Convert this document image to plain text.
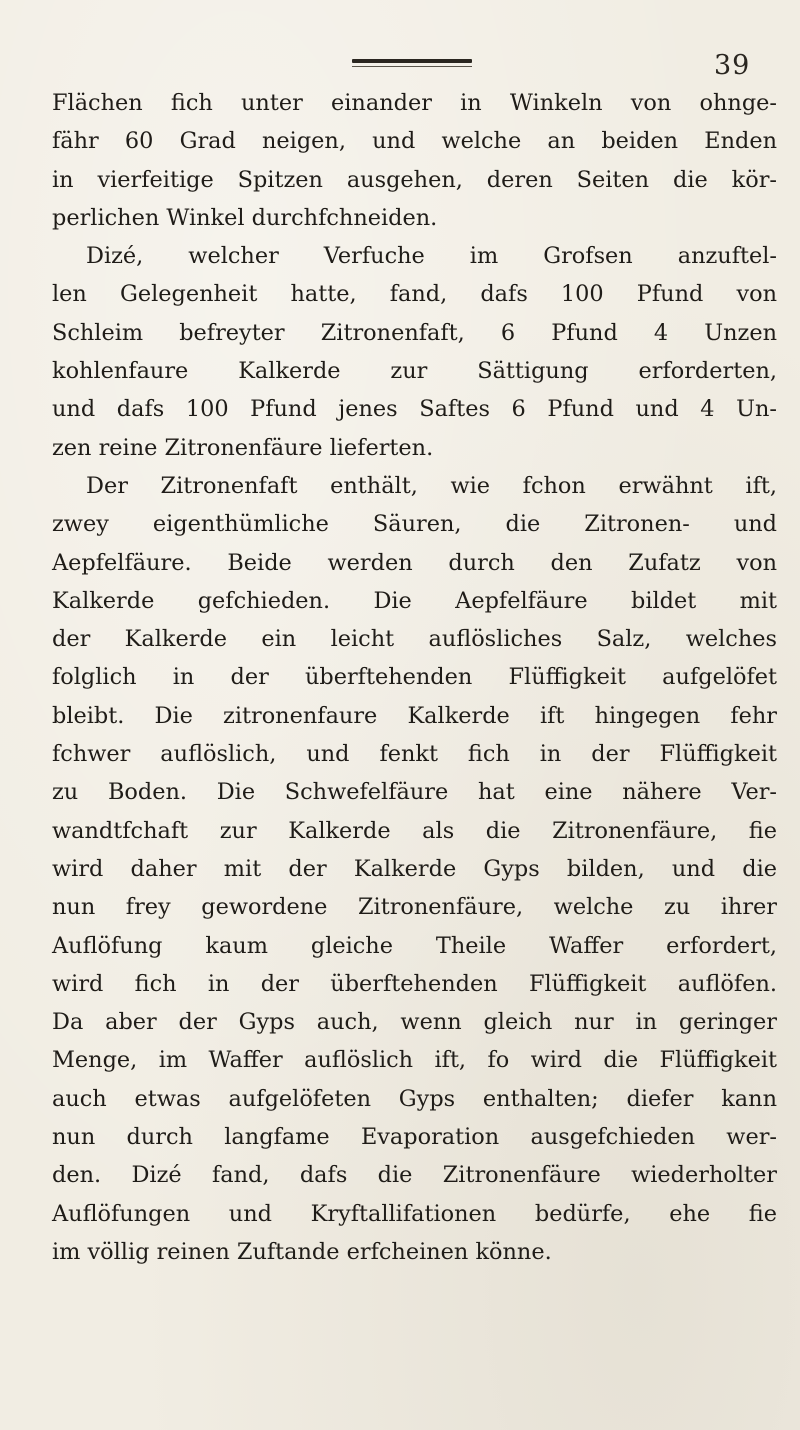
39
Flächen fich unter einander in Winkeln von ohnge-
fähr 60 Grad neigen, und welche an beiden Enden
in vierfeitige Spitzen ausgehen, deren Seiten die kör-
perlichen Winkel durchfchneiden.
Dizé, welcher Verfuche im Grofsen anzuftel-
len Gelegenheit hatte, fand, dafs 100 Pfund von
Schleim befreyter Zitronenfaft, 6 Pfund 4 Unzen
kohlenfaure Kalkerde zur Sättigung erforderten,
und dafs 100 Pfund jenes Saftes 6 Pfund und 4 Un-
zen reine Zitronenfäure lieferten.
Der Zitronenfaft enthält, wie fchon erwähnt ift,
zwey eigenthümliche Säuren, die Zitronen- und
Aepfelfäure. Beide werden durch den Zufatz von
Kalkerde gefchieden. Die Aepfelfäure bildet mit
der Kalkerde ein leicht auflösliches Salz, welches
folglich in der überftehenden Flüffigkeit aufgelöfet
bleibt. Die zitronenfaure Kalkerde ift hingegen fehr
fchwer auflöslich, und fenkt fich in der Flüffigkeit
zu Boden. Die Schwefelfäure hat eine nähere Ver-
wandtfchaft zur Kalkerde als die Zitronenfäure, fie
wird daher mit der Kalkerde Gyps bilden, und die
nun frey gewordene Zitronenfäure, welche zu ihrer
Auflöfung kaum gleiche Theile Waffer erfordert,
wird fich in der überftehenden Flüffigkeit auflöfen.
Da aber der Gyps auch, wenn gleich nur in geringer
Menge, im Waffer auflöslich ift, fo wird die Flüffigkeit
auch etwas aufgelöfeten Gyps enthalten; diefer kann
nun durch langfame Evaporation ausgefchieden wer-
den. Dizé fand, dafs die Zitronenfäure wiederholter
Auflöfungen und Kryftallifationen bedürfe, ehe fie
im völlig reinen Zuftande erfcheinen könne.
